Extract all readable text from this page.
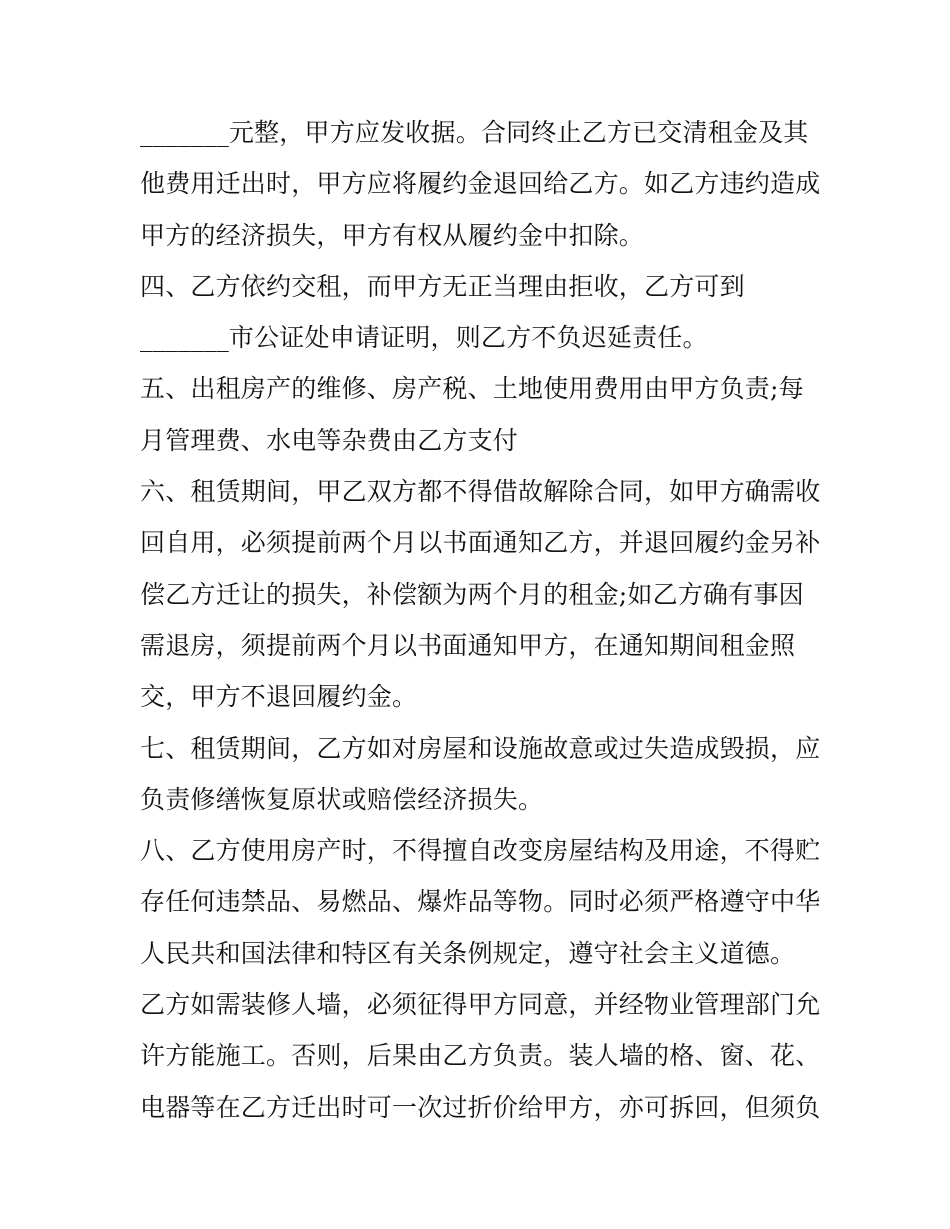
_______元整，甲方应发收据。合同终止乙方已交清租金及其
他费用迁出时，甲方应将履约金退回给乙方。如乙方违约造成
甲方的经济损失，甲方有权从履约金中扣除。
四、乙方依约交租，而甲方无正当理由拒收，乙方可到
_______市公证处申请证明，则乙方不负迟延责任。
五、出租房产的维修、房产税、土地使用费用由甲方负责;每
月管理费、水电等杂费由乙方支付
六、租赁期间，甲乙双方都不得借故解除合同，如甲方确需收
回自用，必须提前两个月以书面通知乙方，并退回履约金另补
偿乙方迁让的损失，补偿额为两个月的租金;如乙方确有事因
需退房，须提前两个月以书面通知甲方，在通知期间租金照
交，甲方不退回履约金。
七、租赁期间，乙方如对房屋和设施故意或过失造成毁损，应
负责修缮恢复原状或赔偿经济损失。
八、乙方使用房产时，不得擅自改变房屋结构及用途，不得贮
存任何违禁品、易燃品、爆炸品等物。同时必须严格遵守中华
人民共和国法律和特区有关条例规定，遵守社会主义道德。
乙方如需装修人墙，必须征得甲方同意，并经物业管理部门允
许方能施工。否则，后果由乙方负责。装人墙的格、窗、花、
电器等在乙方迁出时可一次过折价给甲方，亦可拆回，但须负
